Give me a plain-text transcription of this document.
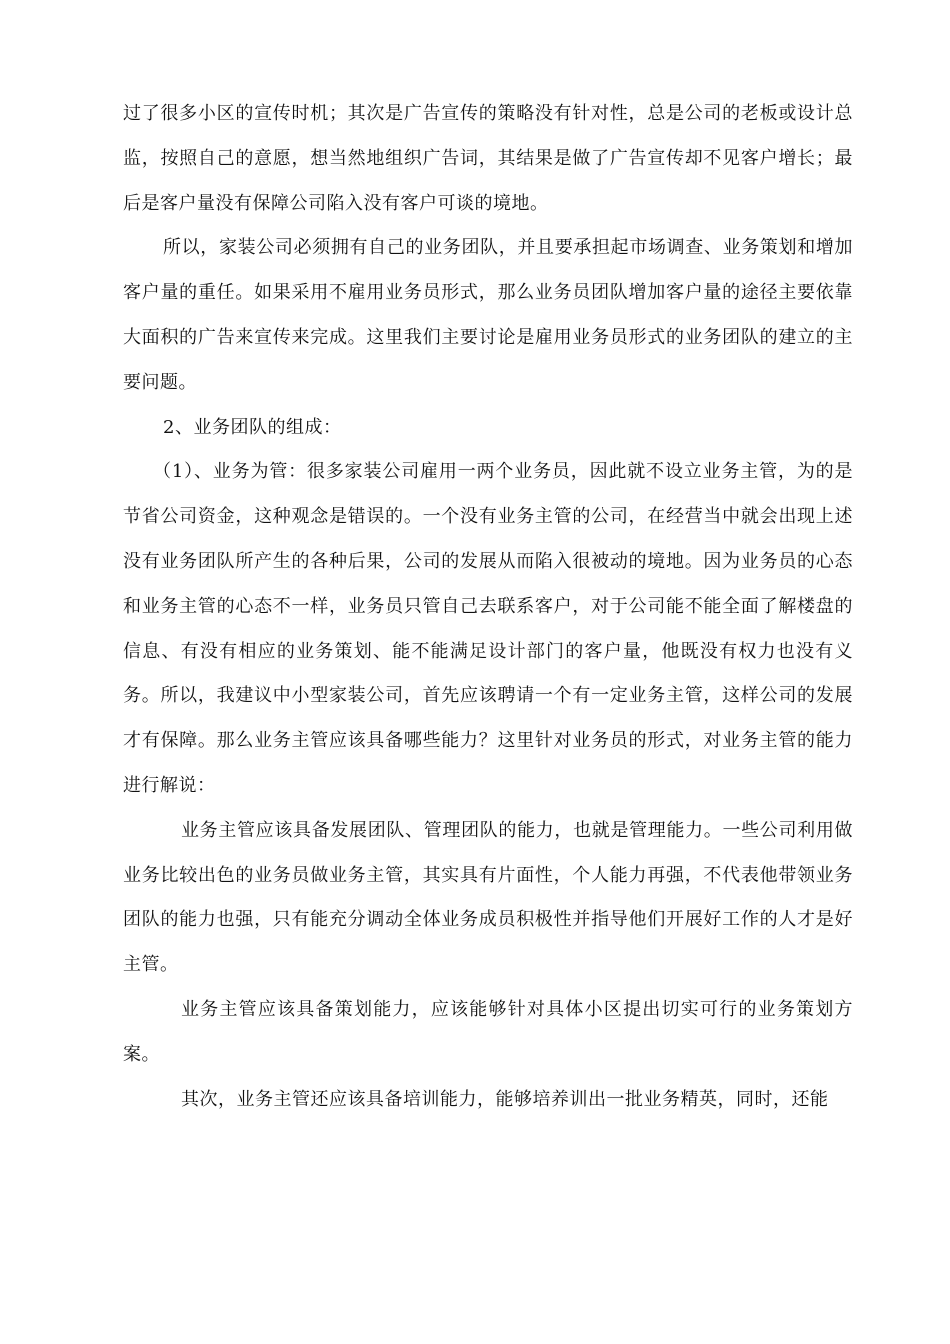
过了很多小区的宣传时机；其次是广告宣传的策略没有针对性，总是公司的老板或设计总监，按照自己的意愿，想当然地组织广告词，其结果是做了广告宣传却不见客户增长；最后是客户量没有保障公司陷入没有客户可谈的境地。

所以，家装公司必须拥有自己的业务团队，并且要承担起市场调查、业务策划和增加客户量的重任。如果采用不雇用业务员形式，那么业务员团队增加客户量的途径主要依靠大面积的广告来宣传来完成。这里我们主要讨论是雇用业务员形式的业务团队的建立的主要问题。

2、业务团队的组成：

（1）、业务为管：很多家装公司雇用一两个业务员，因此就不设立业务主管，为的是节省公司资金，这种观念是错误的。一个没有业务主管的公司，在经营当中就会出现上述没有业务团队所产生的各种后果，公司的发展从而陷入很被动的境地。因为业务员的心态和业务主管的心态不一样，业务员只管自己去联系客户，对于公司能不能全面了解楼盘的信息、有没有相应的业务策划、能不能满足设计部门的客户量，他既没有权力也没有义务。所以，我建议中小型家装公司，首先应该聘请一个有一定业务主管，这样公司的发展才有保障。那么业务主管应该具备哪些能力？这里针对业务员的形式，对业务主管的能力进行解说：

业务主管应该具备发展团队、管理团队的能力，也就是管理能力。一些公司利用做业务比较出色的业务员做业务主管，其实具有片面性，个人能力再强，不代表他带领业务团队的能力也强，只有能充分调动全体业务成员积极性并指导他们开展好工作的人才是好主管。

业务主管应该具备策划能力，应该能够针对具体小区提出切实可行的业务策划方案。

其次，业务主管还应该具备培训能力，能够培养训出一批业务精英，同时，还能
